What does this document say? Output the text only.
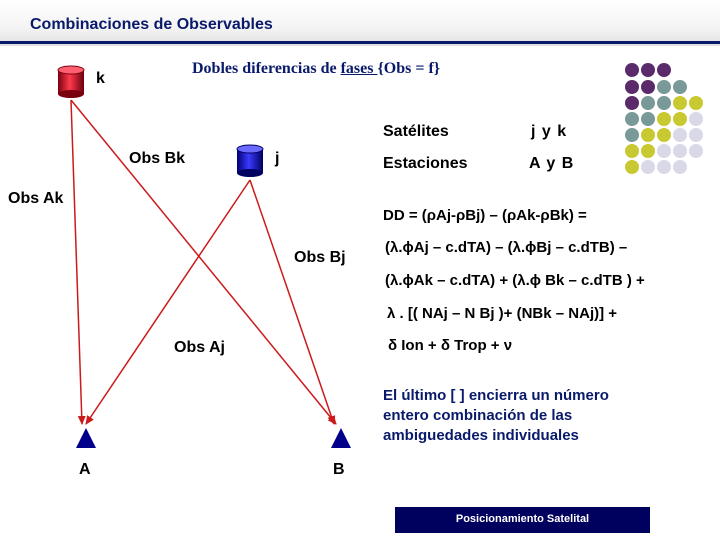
Combinaciones de Observables
Dobles diferencias de fases {Obs = f}
k
j
Obs Bk
Obs Ak
Obs Bj
Obs Aj
A	B
Satélites	j y k
Estaciones	A y B
DD = (ρAj-ρBj) – (ρAk-ρBk) =
(λ.ϕAj – c.dTA) – (λ.ϕBj – c.dTB) –
(λ.ϕAk – c.dTA) + (λ.ϕ Bk – c.dTB ) +
λ . [( NAj – N Bj )+ (NBk – NAj)] +
δ Ion + δ Trop + ν
El último [ ] encierra un número
entero combinación de las
ambiguedades individuales
Posicionamiento Satelital
